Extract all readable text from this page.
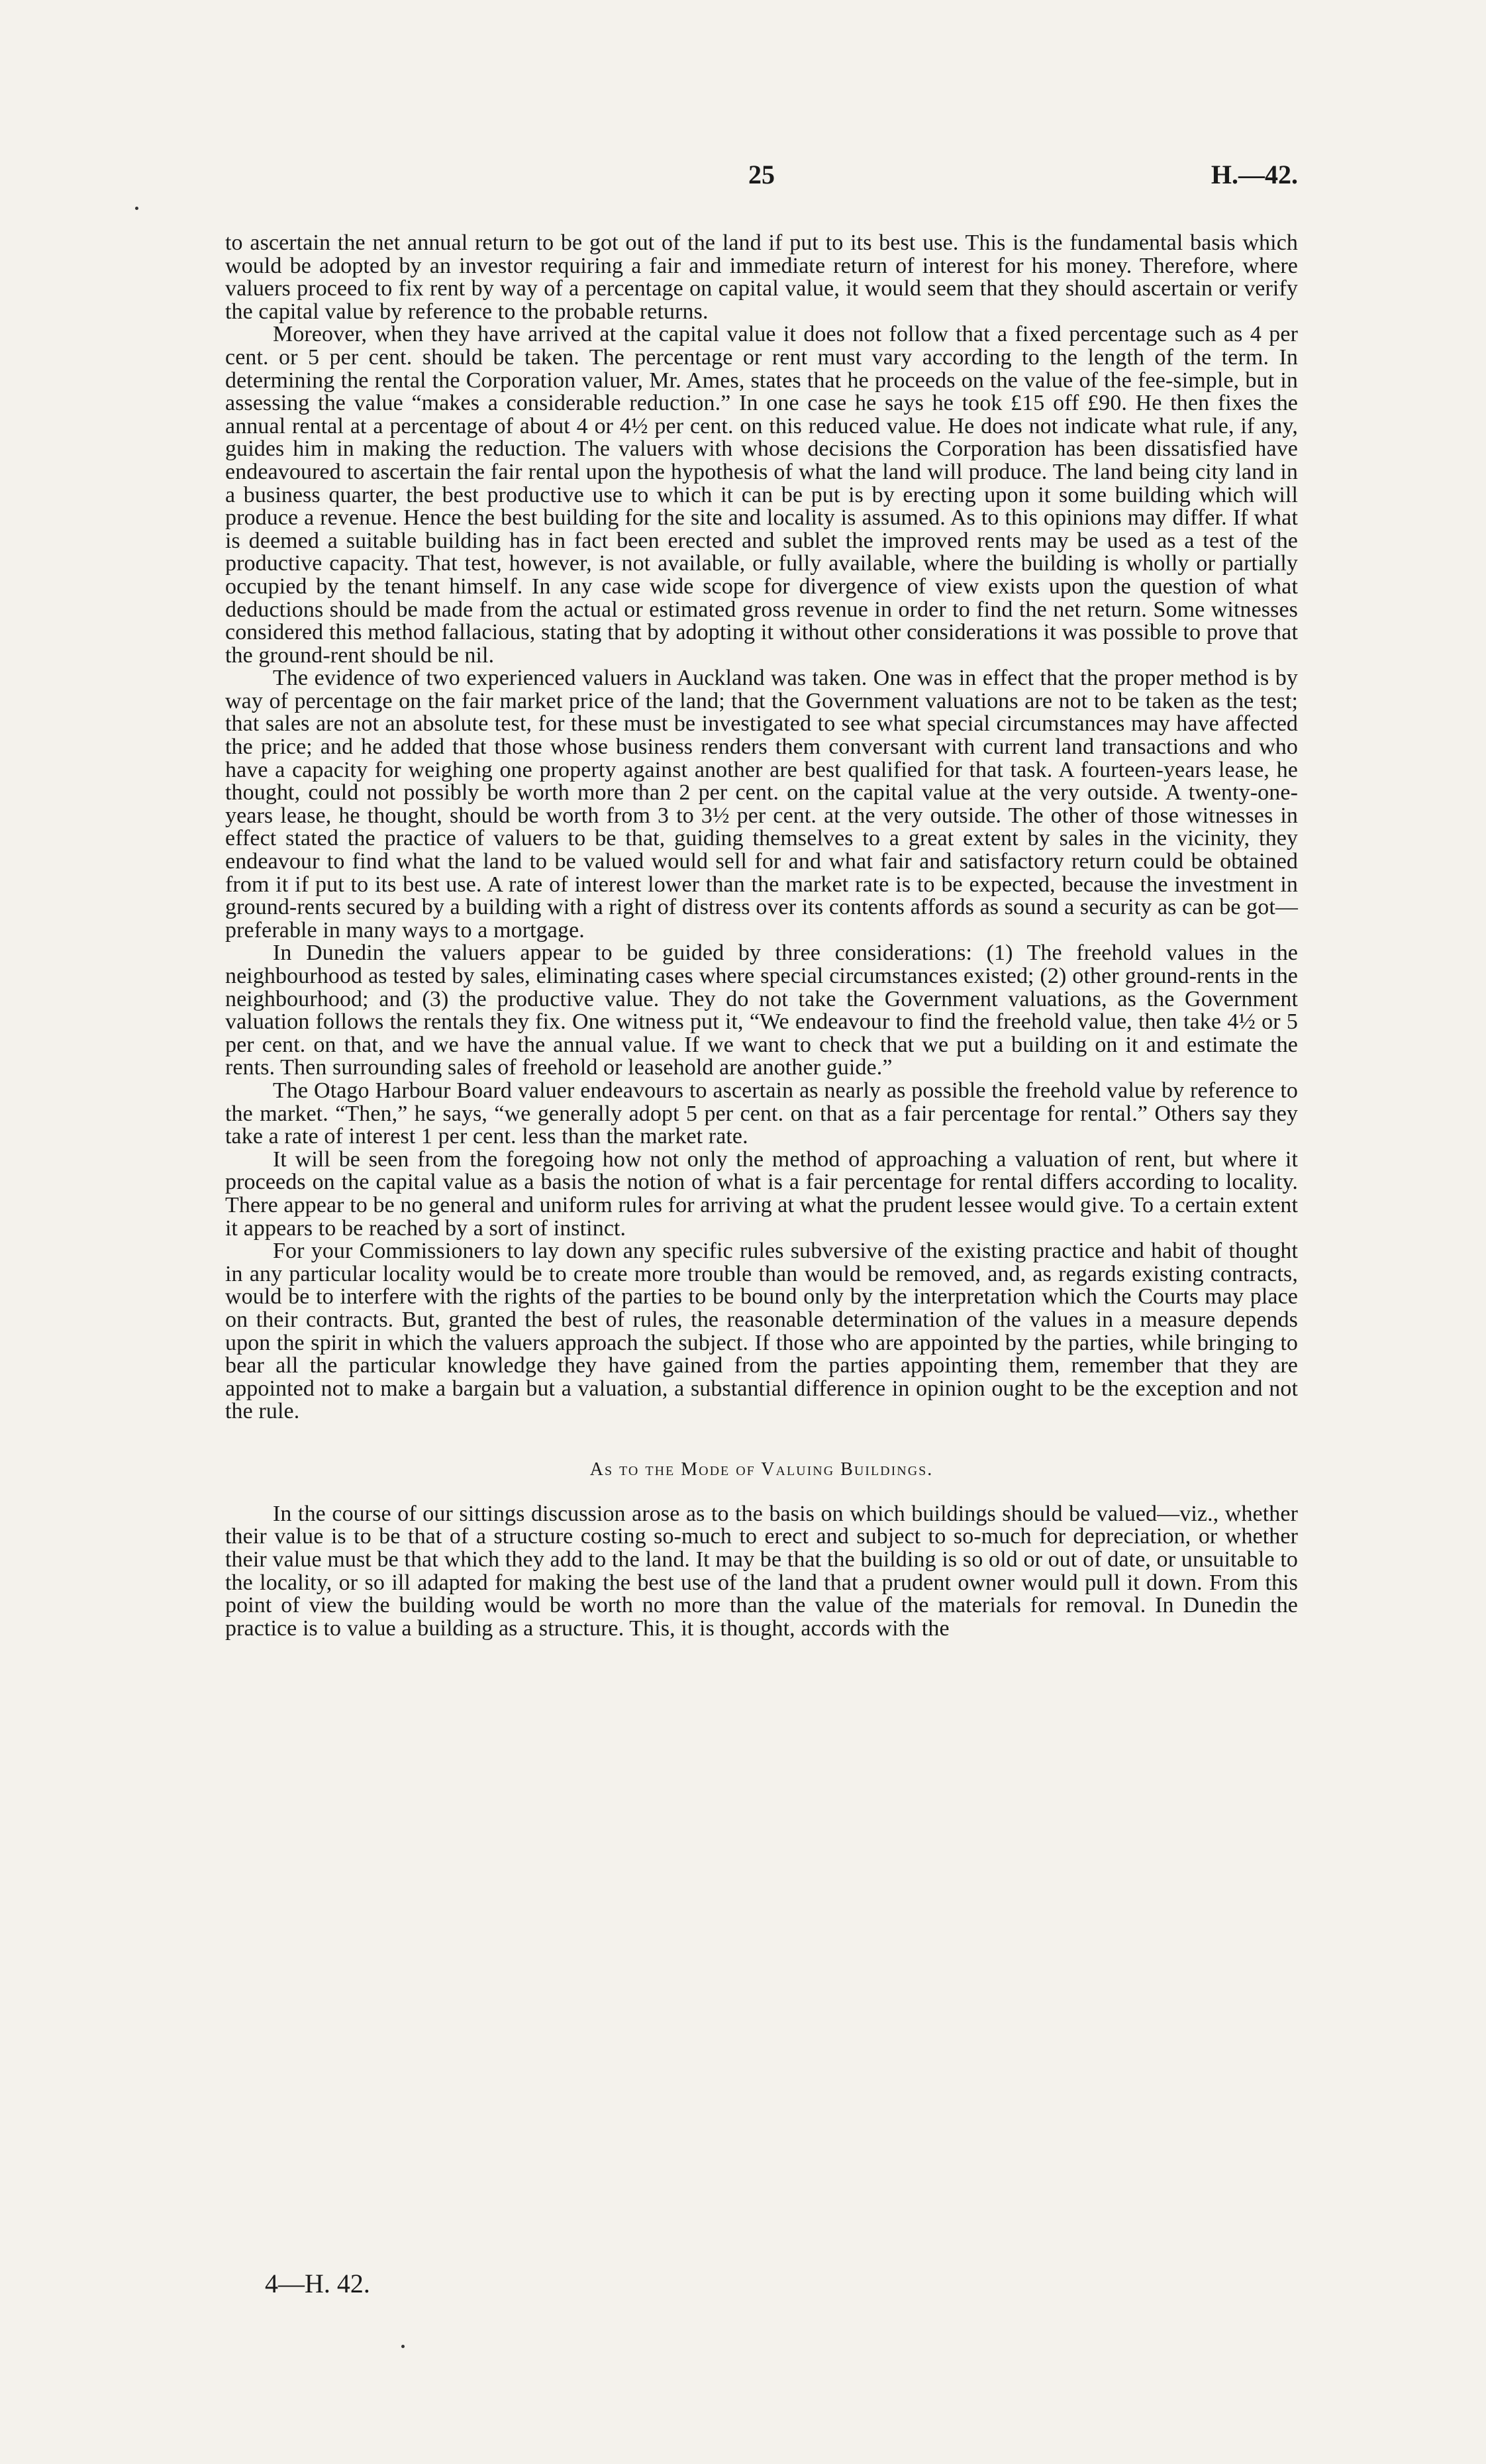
25	H.—42.

to ascertain the net annual return to be got out of the land if put to its best use. This is the fundamental basis which would be adopted by an investor requiring a fair and immediate return of interest for his money. Therefore, where valuers proceed to fix rent by way of a percentage on capital value, it would seem that they should ascertain or verify the capital value by reference to the probable returns.

Moreover, when they have arrived at the capital value it does not follow that a fixed percentage such as 4 per cent. or 5 per cent. should be taken. The percentage or rent must vary according to the length of the term. In determining the rental the Corporation valuer, Mr. Ames, states that he proceeds on the value of the fee-simple, but in assessing the value “makes a considerable reduction.” In one case he says he took £15 off £90. He then fixes the annual rental at a percentage of about 4 or 4½ per cent. on this reduced value. He does not indicate what rule, if any, guides him in making the reduction. The valuers with whose decisions the Corporation has been dissatisfied have endeavoured to ascertain the fair rental upon the hypothesis of what the land will produce. The land being city land in a business quarter, the best productive use to which it can be put is by erecting upon it some building which will produce a revenue. Hence the best building for the site and locality is assumed. As to this opinions may differ. If what is deemed a suitable building has in fact been erected and sublet the improved rents may be used as a test of the productive capacity. That test, however, is not available, or fully available, where the building is wholly or partially occupied by the tenant himself. In any case wide scope for divergence of view exists upon the question of what deductions should be made from the actual or estimated gross revenue in order to find the net return. Some witnesses considered this method fallacious, stating that by adopting it without other considerations it was possible to prove that the ground-rent should be nil.

The evidence of two experienced valuers in Auckland was taken. One was in effect that the proper method is by way of percentage on the fair market price of the land; that the Government valuations are not to be taken as the test; that sales are not an absolute test, for these must be investigated to see what special circumstances may have affected the price; and he added that those whose business renders them conversant with current land transactions and who have a capacity for weighing one property against another are best qualified for that task. A fourteen-years lease, he thought, could not possibly be worth more than 2 per cent. on the capital value at the very outside. A twenty-one-years lease, he thought, should be worth from 3 to 3½ per cent. at the very outside. The other of those witnesses in effect stated the practice of valuers to be that, guiding themselves to a great extent by sales in the vicinity, they endeavour to find what the land to be valued would sell for and what fair and satisfactory return could be obtained from it if put to its best use. A rate of interest lower than the market rate is to be expected, because the investment in ground-rents secured by a building with a right of distress over its contents affords as sound a security as can be got—preferable in many ways to a mortgage.

In Dunedin the valuers appear to be guided by three considerations: (1) The freehold values in the neighbourhood as tested by sales, eliminating cases where special circumstances existed; (2) other ground-rents in the neighbourhood; and (3) the productive value. They do not take the Government valuations, as the Government valuation follows the rentals they fix. One witness put it, “We endeavour to find the freehold value, then take 4½ or 5 per cent. on that, and we have the annual value. If we want to check that we put a building on it and estimate the rents. Then surrounding sales of freehold or leasehold are another guide.”

The Otago Harbour Board valuer endeavours to ascertain as nearly as possible the freehold value by reference to the market. “Then,” he says, “we generally adopt 5 per cent. on that as a fair percentage for rental.” Others say they take a rate of interest 1 per cent. less than the market rate.

It will be seen from the foregoing how not only the method of approaching a valuation of rent, but where it proceeds on the capital value as a basis the notion of what is a fair percentage for rental differs according to locality. There appear to be no general and uniform rules for arriving at what the prudent lessee would give. To a certain extent it appears to be reached by a sort of instinct.

For your Commissioners to lay down any specific rules subversive of the existing practice and habit of thought in any particular locality would be to create more trouble than would be removed, and, as regards existing contracts, would be to interfere with the rights of the parties to be bound only by the interpretation which the Courts may place on their contracts. But, granted the best of rules, the reasonable determination of the values in a measure depends upon the spirit in which the valuers approach the subject. If those who are appointed by the parties, while bringing to bear all the particular knowledge they have gained from the parties appointing them, remember that they are appointed not to make a bargain but a valuation, a substantial difference in opinion ought to be the exception and not the rule.

As to the Mode of Valuing Buildings.

In the course of our sittings discussion arose as to the basis on which buildings should be valued—viz., whether their value is to be that of a structure costing so-much to erect and subject to so-much for depreciation, or whether their value must be that which they add to the land. It may be that the building is so old or out of date, or unsuitable to the locality, or so ill adapted for making the best use of the land that a prudent owner would pull it down. From this point of view the building would be worth no more than the value of the materials for removal. In Dunedin the practice is to value a building as a structure. This, it is thought, accords with the

4—H. 42.
